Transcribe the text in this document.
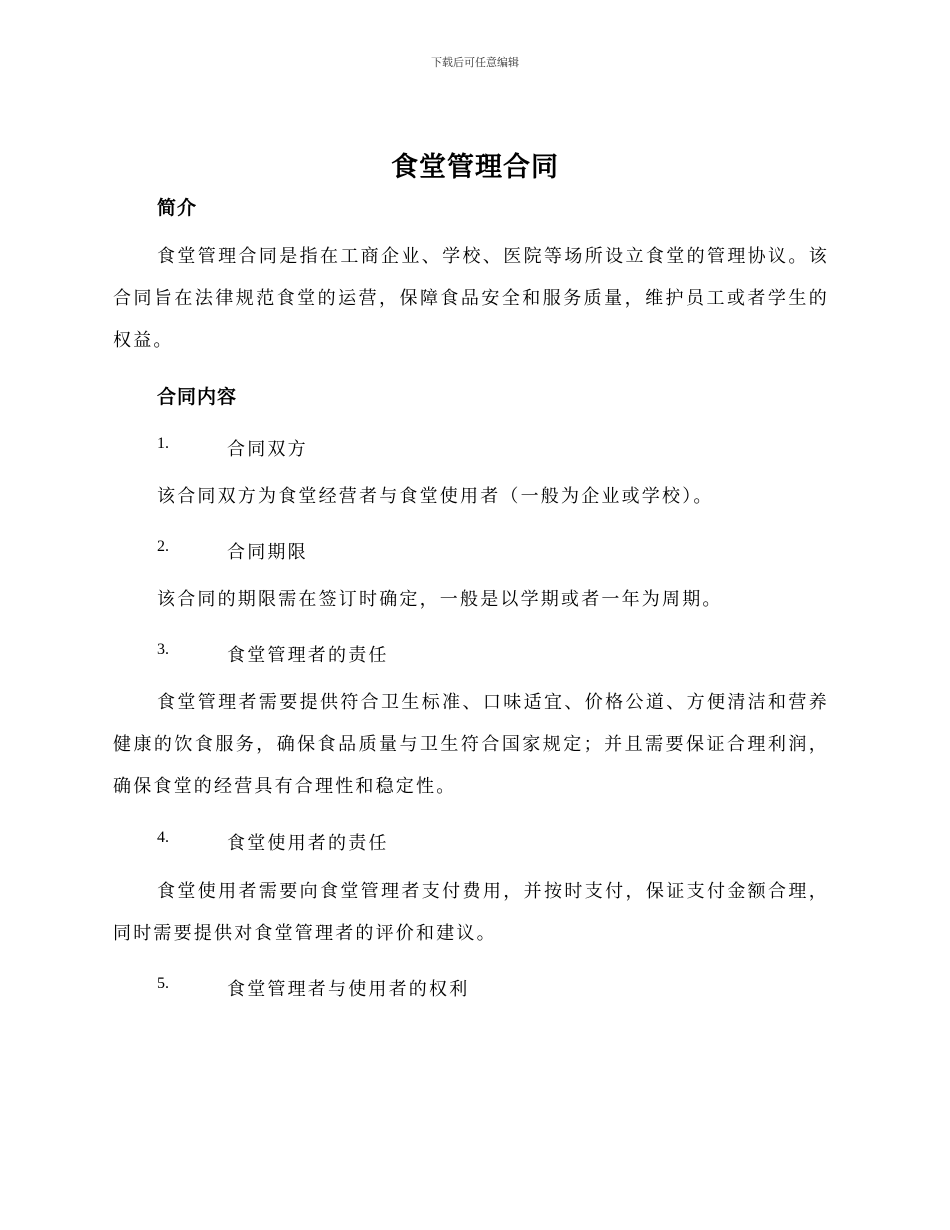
下载后可任意编辑
食堂管理合同
简介
食堂管理合同是指在工商企业、学校、医院等场所设立食堂的管理协议。该合同旨在法律规范食堂的运营，保障食品安全和服务质量，维护员工或者学生的权益。
合同内容
1.	合同双方
该合同双方为食堂经营者与食堂使用者（一般为企业或学校）。
2.	合同期限
该合同的期限需在签订时确定，一般是以学期或者一年为周期。
3.	食堂管理者的责任
食堂管理者需要提供符合卫生标准、口味适宜、价格公道、方便清洁和营养健康的饮食服务，确保食品质量与卫生符合国家规定；并且需要保证合理利润，确保食堂的经营具有合理性和稳定性。
4.	食堂使用者的责任
食堂使用者需要向食堂管理者支付费用，并按时支付，保证支付金额合理，同时需要提供对食堂管理者的评价和建议。
5.	食堂管理者与使用者的权利
